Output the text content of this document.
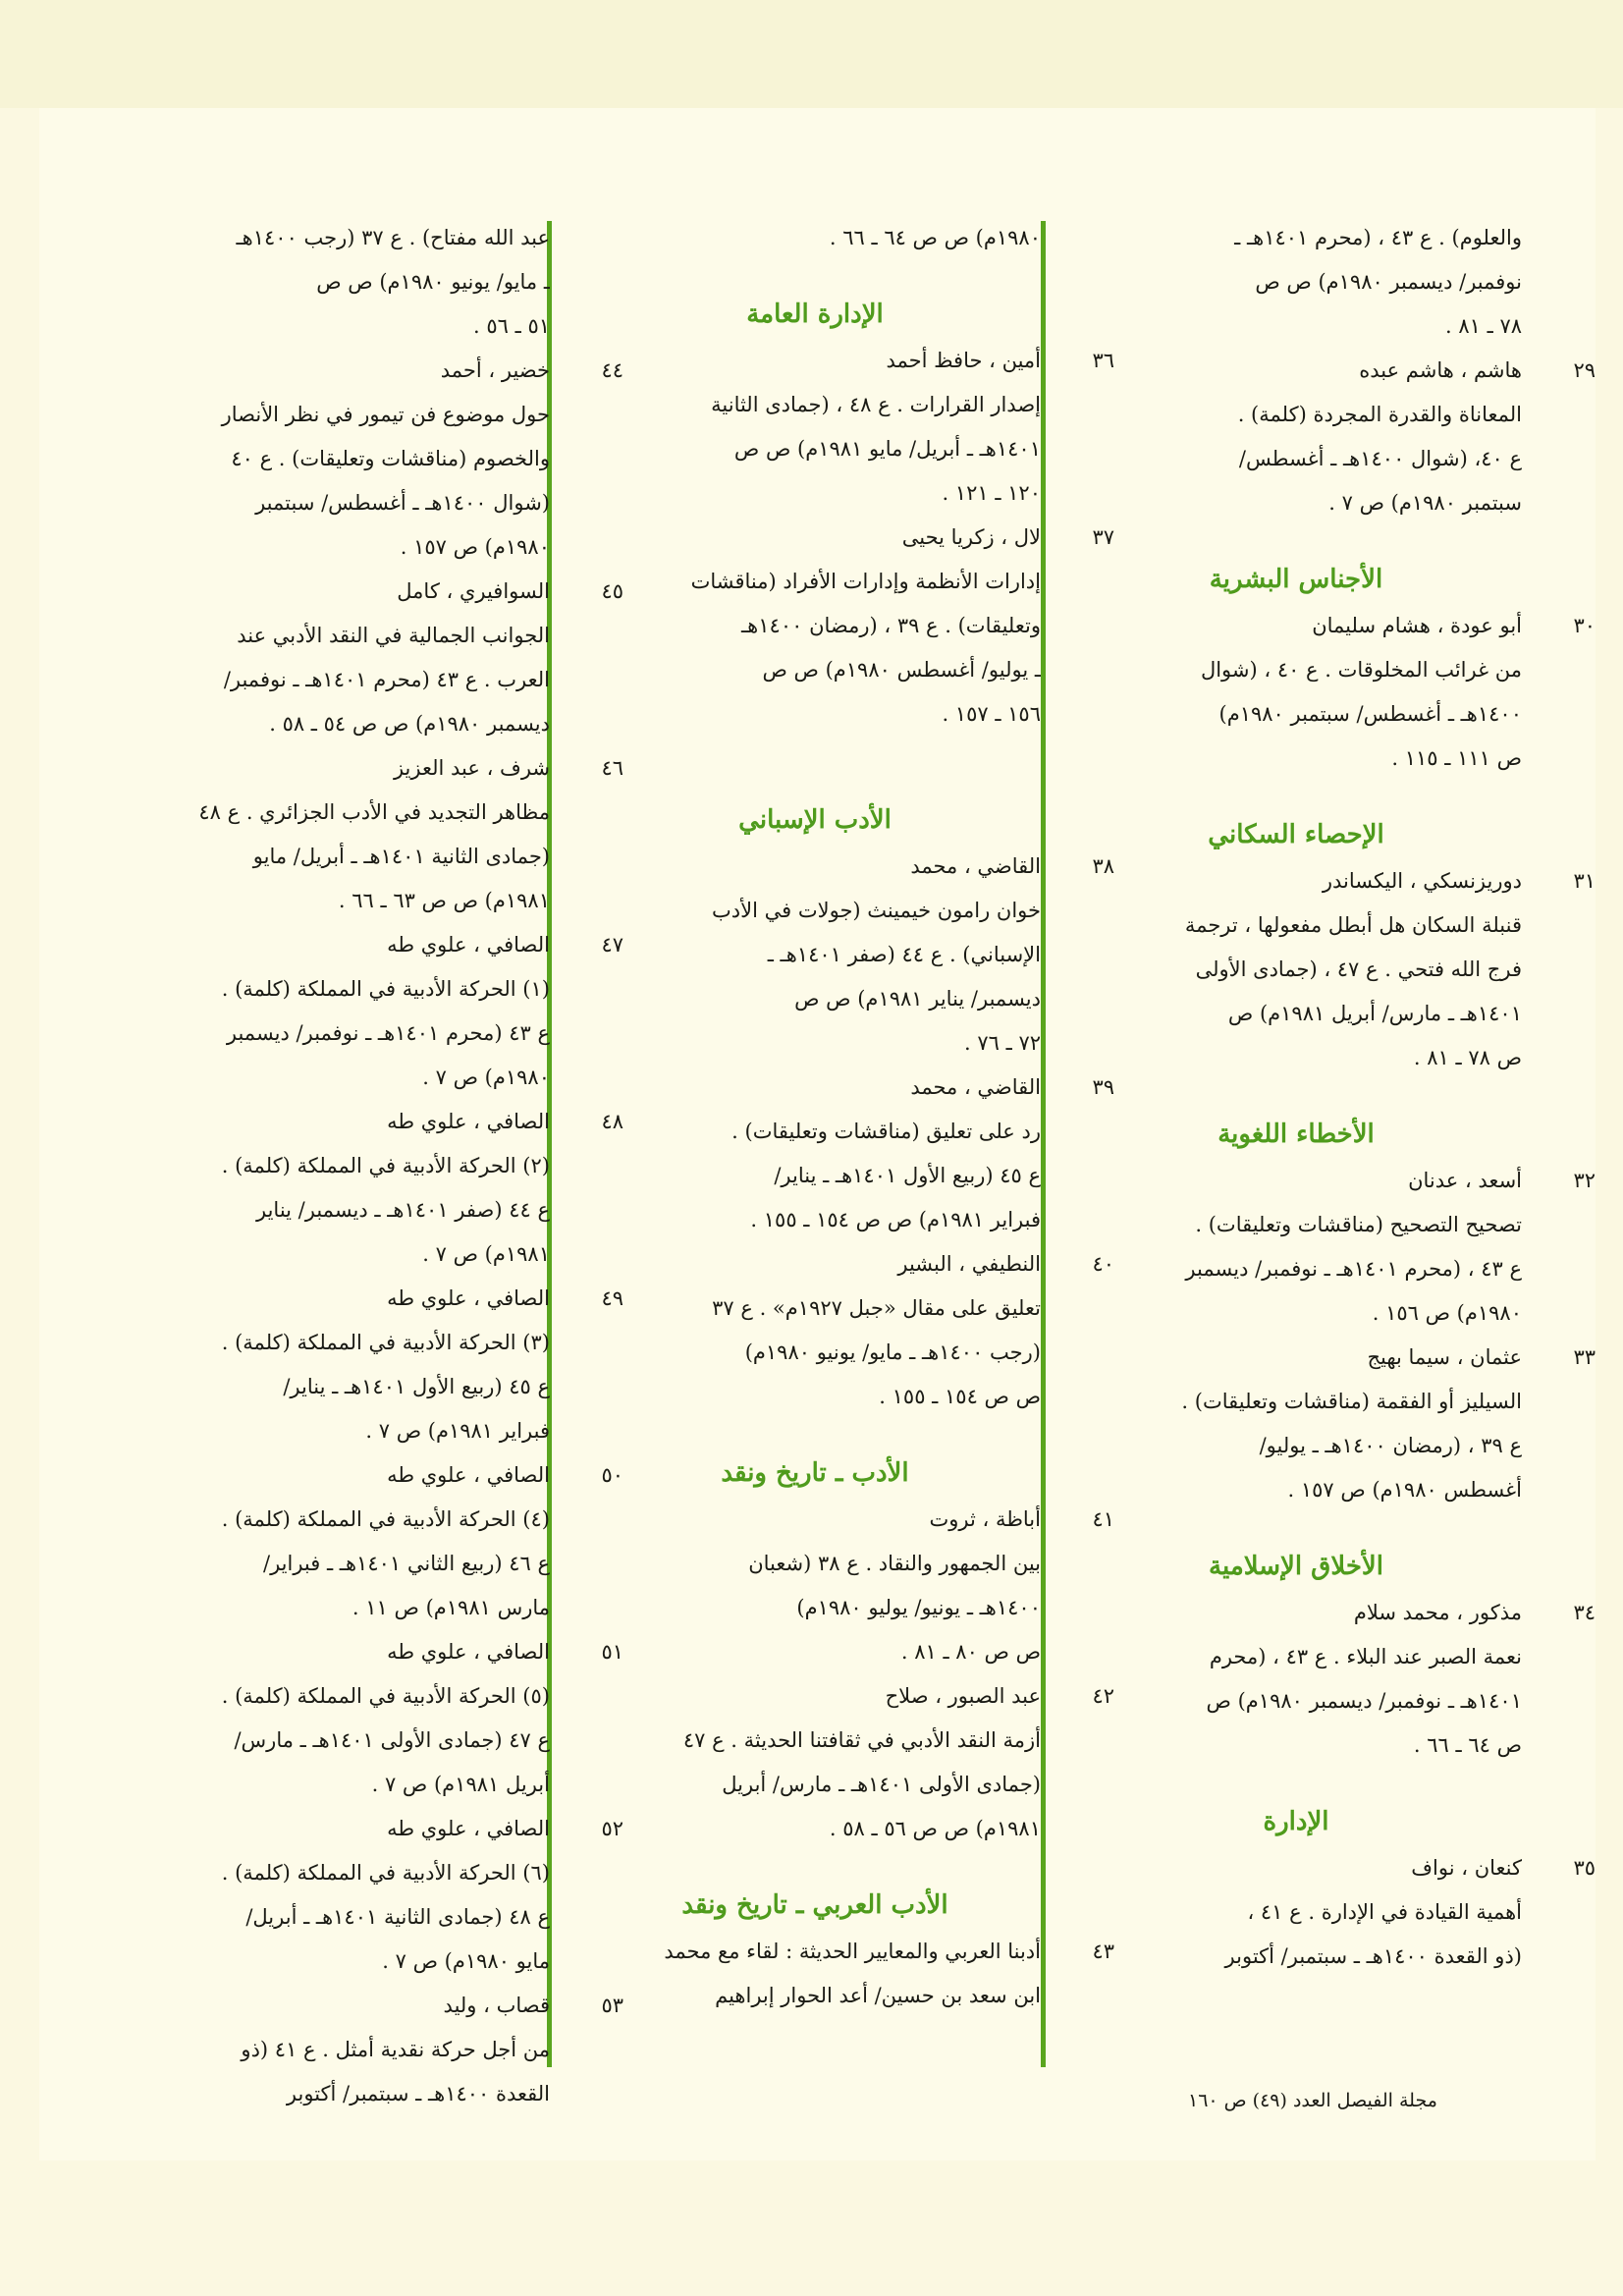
والعلوم) . ع ٤٣ ، (محرم ١٤٠١هـ ـ
نوفمبر/ ديسمبر ١٩٨٠م) ص ص
٧٨ ـ ٨١ .
٢٩
هاشم ، هاشم عبده
المعاناة والقدرة المجردة (كلمة) .
ع ٤٠، (شوال ١٤٠٠هـ ـ أغسطس/
سبتمبر ١٩٨٠م) ص ٧ .
الأجناس البشرية
٣٠
أبو عودة ، هشام سليمان
من غرائب المخلوقات . ع ٤٠ ، (شوال
١٤٠٠هـ ـ أغسطس/ سبتمبر ١٩٨٠م)
ص ١١١ ـ ١١٥ .
الإحصاء السكاني
٣١
دوريزنسكي ، اليكساندر
قنبلة السكان هل أبطل مفعولها ، ترجمة
فرج الله فتحي . ع ٤٧ ، (جمادى الأولى
١٤٠١هـ ـ مارس/ أبريل ١٩٨١م) ص
ص ٧٨ ـ ٨١ .
الأخطاء اللغوية
٣٢
أسعد ، عدنان
تصحيح التصحيح (مناقشات وتعليقات) .
ع ٤٣ ، (محرم ١٤٠١هـ ـ نوفمبر/ ديسمبر
١٩٨٠م) ص ١٥٦ .
٣٣
عثمان ، سيما بهيج
السيليز أو الفقمة (مناقشات وتعليقات) .
ع ٣٩ ، (رمضان ١٤٠٠هـ ـ يوليو/
أغسطس ١٩٨٠م) ص ١٥٧ .
الأخلاق الإسلامية
٣٤
مذكور ، محمد سلام
نعمة الصبر عند البلاء . ع ٤٣ ، (محرم
١٤٠١هـ ـ نوفمبر/ ديسمبر ١٩٨٠م) ص
ص ٦٤ ـ ٦٦ .
الإدارة
٣٥
كنعان ، نواف
أهمية القيادة في الإدارة . ع ٤١ ،
(ذو القعدة ١٤٠٠هـ ـ سبتمبر/ أكتوبر
١٩٨٠م) ص ص ٦٤ ـ ٦٦ .
الإدارة العامة
٣٦
أمين ، حافظ أحمد
إصدار القرارات . ع ٤٨ ، (جمادى الثانية
١٤٠١هـ ـ أبريل/ مايو ١٩٨١م) ص ص
١٢٠ ـ ١٢١ .
٣٧
لال ، زكريا يحيى
إدارات الأنظمة وإدارات الأفراد (مناقشات
وتعليقات) . ع ٣٩ ، (رمضان ١٤٠٠هـ
ـ يوليو/ أغسطس ١٩٨٠م) ص ص
١٥٦ ـ ١٥٧ .
الأدب الإسباني
٣٨
القاضي ، محمد
خوان رامون خيمينث (جولات في الأدب
الإسباني) . ع ٤٤ (صفر ١٤٠١هـ ـ
ديسمبر/ يناير ١٩٨١م) ص ص
٧٢ ـ ٧٦ .
٣٩
القاضي ، محمد
رد على تعليق (مناقشات وتعليقات) .
ع ٤٥ (ربيع الأول ١٤٠١هـ ـ يناير/
فبراير ١٩٨١م) ص ص ١٥٤ ـ ١٥٥ .
٤٠
النطيفي ، البشير
تعليق على مقال «جبل ١٩٢٧م» . ع ٣٧
(رجب ١٤٠٠هـ ـ مايو/ يونيو ١٩٨٠م)
ص ص ١٥٤ ـ ١٥٥ .
الأدب ـ تاريخ ونقد
٤١
أباظة ، ثروت
بين الجمهور والنقاد . ع ٣٨ (شعبان
١٤٠٠هـ ـ يونيو/ يوليو ١٩٨٠م)
ص ص ٨٠ ـ ٨١ .
٤٢
عبد الصبور ، صلاح
أزمة النقد الأدبي في ثقافتنا الحديثة . ع ٤٧
(جمادى الأولى ١٤٠١هـ ـ مارس/ أبريل
١٩٨١م) ص ص ٥٦ ـ ٥٨ .
الأدب العربي ـ تاريخ ونقد
٤٣
أدبنا العربي والمعايير الحديثة : لقاء مع محمد
ابن سعد بن حسين/ أعد الحوار إبراهيم
عبد الله مفتاح) . ع ٣٧ (رجب ١٤٠٠هـ
ـ مايو/ يونيو ١٩٨٠م) ص ص
٥١ ـ ٥٦ .
٤٤
خضير ، أحمد
حول موضوع فن تيمور في نظر الأنصار
والخصوم (مناقشات وتعليقات) . ع ٤٠
(شوال ١٤٠٠هـ ـ أغسطس/ سبتمبر
١٩٨٠م) ص ١٥٧ .
٤٥
السوافيري ، كامل
الجوانب الجمالية في النقد الأدبي عند
العرب . ع ٤٣ (محرم ١٤٠١هـ ـ نوفمبر/
ديسمبر ١٩٨٠م) ص ص ٥٤ ـ ٥٨ .
٤٦
شرف ، عبد العزيز
مظاهر التجديد في الأدب الجزائري . ع ٤٨
(جمادى الثانية ١٤٠١هـ ـ أبريل/ مايو
١٩٨١م) ص ص ٦٣ ـ ٦٦ .
٤٧
الصافي ، علوي طه
(١) الحركة الأدبية في المملكة (كلمة) .
ع ٤٣ (محرم ١٤٠١هـ ـ نوفمبر/ ديسمبر
١٩٨٠م) ص ٧ .
٤٨
الصافي ، علوي طه
(٢) الحركة الأدبية في المملكة (كلمة) .
ع ٤٤ (صفر ١٤٠١هـ ـ ديسمبر/ يناير
١٩٨١م) ص ٧ .
٤٩
الصافي ، علوي طه
(٣) الحركة الأدبية في المملكة (كلمة) .
ع ٤٥ (ربيع الأول ١٤٠١هـ ـ يناير/
فبراير ١٩٨١م) ص ٧ .
٥٠
الصافي ، علوي طه
(٤) الحركة الأدبية في المملكة (كلمة) .
ع ٤٦ (ربيع الثاني ١٤٠١هـ ـ فبراير/
مارس ١٩٨١م) ص ١١ .
٥١
الصافي ، علوي طه
(٥) الحركة الأدبية في المملكة (كلمة) .
ع ٤٧ (جمادى الأولى ١٤٠١هـ ـ مارس/
أبريل ١٩٨١م) ص ٧ .
٥٢
الصافي ، علوي طه
(٦) الحركة الأدبية في المملكة (كلمة) .
ع ٤٨ (جمادى الثانية ١٤٠١هـ ـ أبريل/
مايو ١٩٨٠م) ص ٧ .
٥٣
قصاب ، وليد
من أجل حركة نقدية أمثل . ع ٤١ (ذو
القعدة ١٤٠٠هـ ـ سبتمبر/ أكتوبر	مجلة الفيصل العدد (٤٩) ص ١٦٠
